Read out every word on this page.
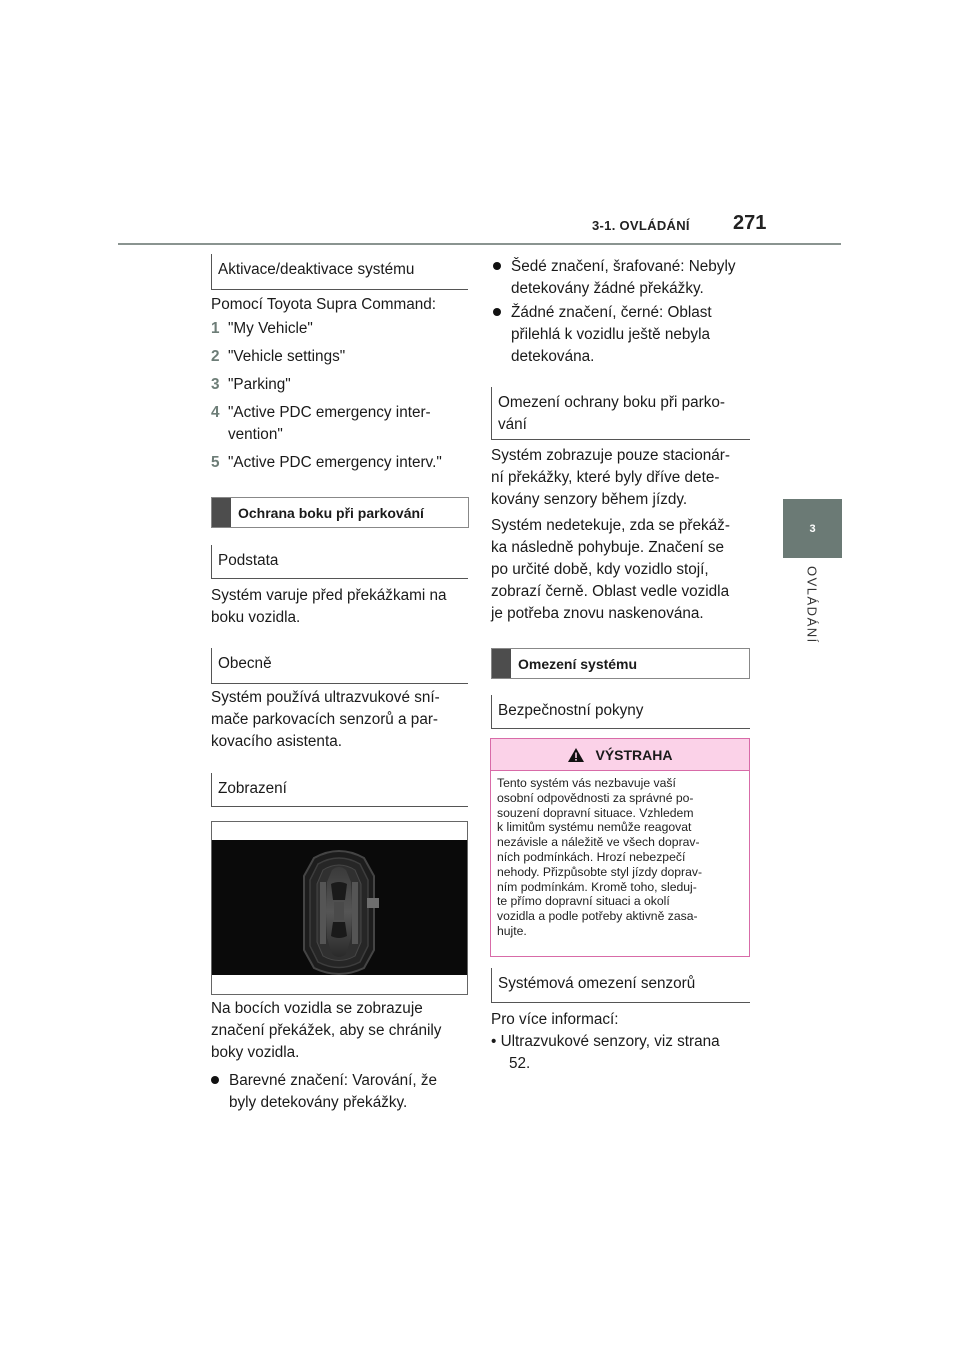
3-1. OVLÁDÁNÍ 271
3
OVLÁDÁNÍ
Aktivace/deaktivace systému

Pomocí Toyota Supra Command:

1 "My Vehicle"
2 "Vehicle settings"
3 "Parking"
4 "Active PDC emergency inter-
vention"
5 "Active PDC emergency interv."
Ochrana boku při parkování
Podstata
Systém varuje před překážkami na
boku vozidla.
Obecně
Systém používá ultrazvukové sní-
mače parkovacích senzorů a par-
kovacího asistenta.
Zobrazení
Na bocích vozidla se zobrazuje
značení překážek, aby se chránily
boky vozidla.
Barevné značení: Varování, že
byly detekovány překážky.
Šedé značení, šrafované: Nebyly
detekovány žádné překážky.
Žádné značení, černé: Oblast
přilehlá k vozidlu ještě nebyla
detekována.
Omezení ochrany boku při parko-
vání
Systém zobrazuje pouze stacionár-
ní překážky, které byly dříve dete-
kovány senzory během jízdy.
Systém nedetekuje, zda se překáž-
ka následně pohybuje. Značení se
po určité době, kdy vozidlo stojí,
zobrazí černě. Oblast vedle vozidla
je potřeba znovu naskenována.
Omezení systému
Bezpečnostní pokyny
VÝSTRAHA
Tento systém vás nezbavuje vaší
osobní odpovědnosti za správné po-
souzení dopravní situace. Vzhledem
k limitům systému nemůže reagovat
nezávisle a náležitě ve všech doprav-
ních podmínkách. Hrozí nebezpečí
nehody. Přizpůsobte styl jízdy doprav-
ním podmínkám. Kromě toho, sleduj-
te přímo dopravní situaci a okolí
vozidla a podle potřeby aktivně zasa-
hujte.
Systémová omezení senzorů
Pro více informací:
• Ultrazvukové senzory, viz strana
52.
